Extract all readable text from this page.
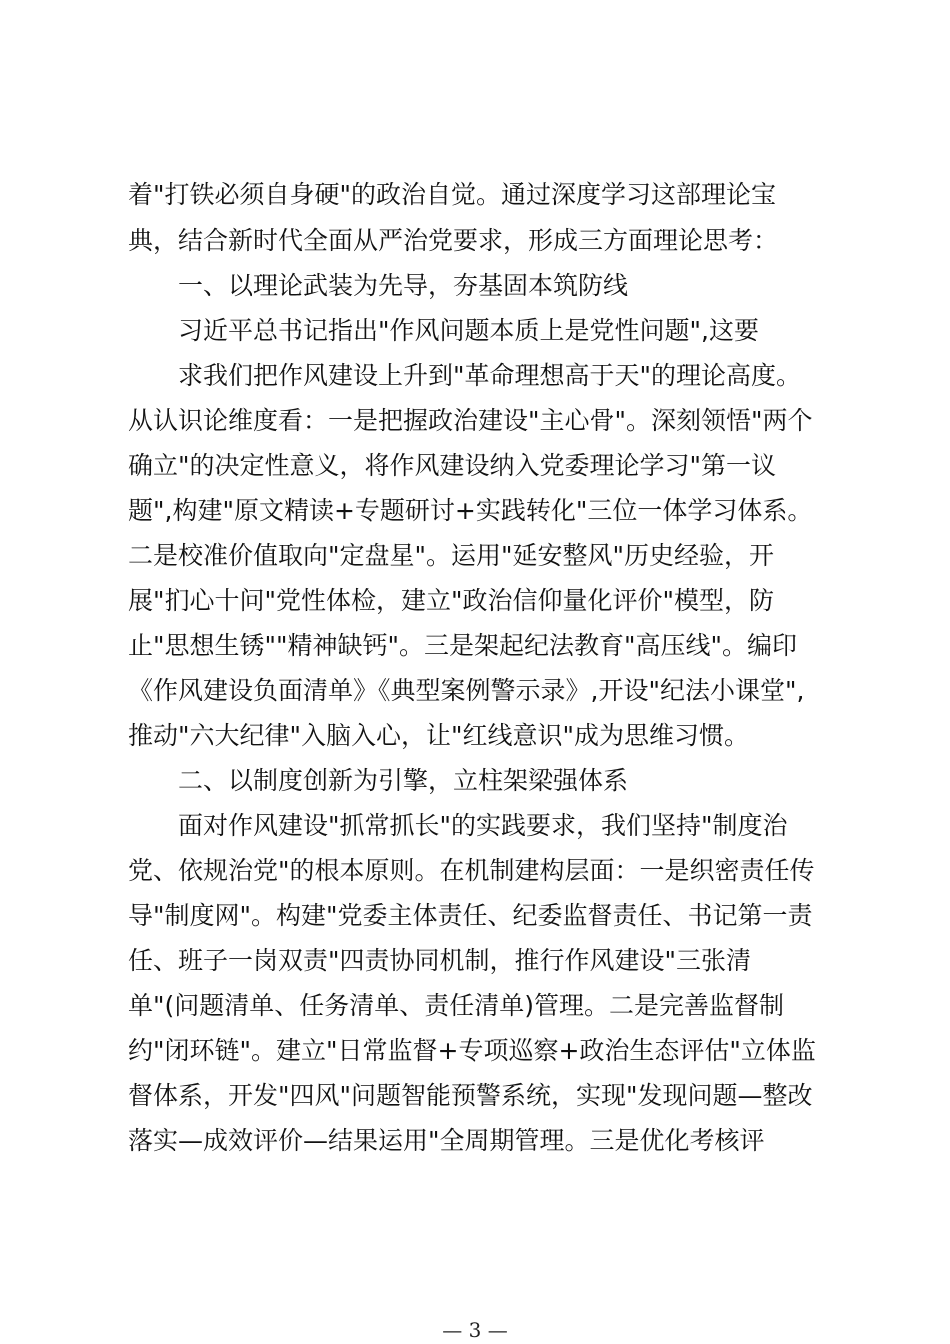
着"打铁必须自身硬"的政治自觉。通过深度学习这部理论宝
典，结合新时代全面从严治党要求，形成三方面理论思考：
一、以理论武装为先导，夯基固本筑防线
习近平总书记指出"作风问题本质上是党性问题",这要
求我们把作风建设上升到"革命理想高于天"的理论高度。
从认识论维度看：一是把握政治建设"主心骨"。深刻领悟"两个
确立"的决定性意义，将作风建设纳入党委理论学习"第一议
题",构建"原文精读+专题研讨+实践转化"三位一体学习体系。
二是校准价值取向"定盘星"。运用"延安整风"历史经验，开
展"扪心十问"党性体检，建立"政治信仰量化评价"模型，防
止"思想生锈""精神缺钙"。三是架起纪法教育"高压线"。编印
《作风建设负面清单》《典型案例警示录》,开设"纪法小课堂",
推动"六大纪律"入脑入心，让"红线意识"成为思维习惯。
二、以制度创新为引擎，立柱架梁强体系
面对作风建设"抓常抓长"的实践要求，我们坚持"制度治
党、依规治党"的根本原则。在机制建构层面：一是织密责任传
导"制度网"。构建"党委主体责任、纪委监督责任、书记第一责
任、班子一岗双责"四责协同机制，推行作风建设"三张清
单"(问题清单、任务清单、责任清单)管理。二是完善监督制
约"闭环链"。建立"日常监督+专项巡察+政治生态评估"立体监
督体系，开发"四风"问题智能预警系统，实现"发现问题—整改
落实—成效评价—结果运用"全周期管理。三是优化考核评
— 3 —
